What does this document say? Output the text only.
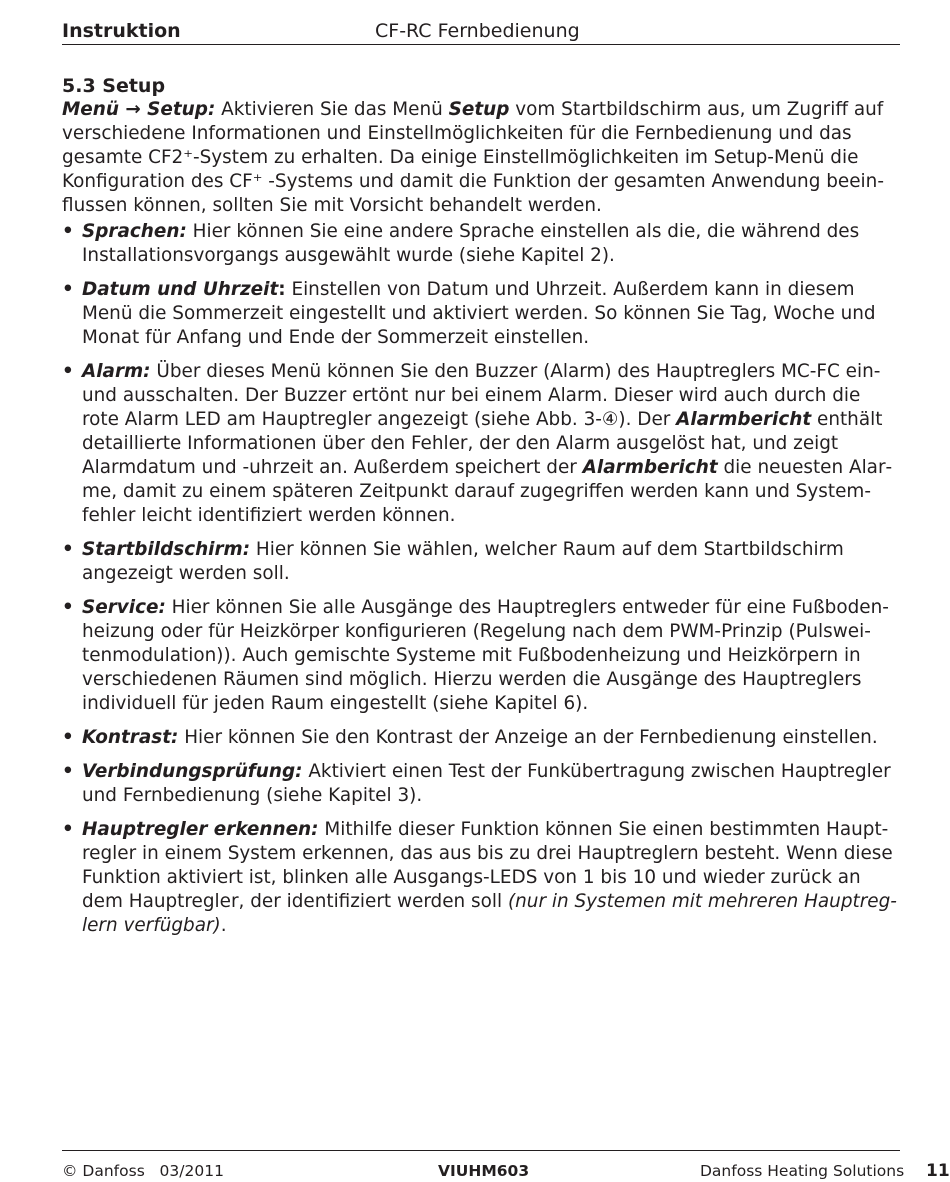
Instruktion	CF-RC Fernbedienung
5.3 Setup

Menü → Setup: Aktivieren Sie das Menü Setup vom Startbildschirm aus, um Zugriff auf verschiedene Informationen und Einstellmöglichkeiten für die Fernbedienung und das gesamte CF2⁺-System zu erhalten. Da einige Einstellmöglichkeiten im Setup-Menü die Konfiguration des CF⁺ -Systems und damit die Funktion der gesamten Anwendung beeinflussen können, sollten Sie mit Vorsicht behandelt werden.

• Sprachen: Hier können Sie eine andere Sprache einstellen als die, die während des Installationsvorgangs ausgewählt wurde (siehe Kapitel 2).
• Datum und Uhrzeit: Einstellen von Datum und Uhrzeit. Außerdem kann in diesem Menü die Sommerzeit eingestellt und aktiviert werden. So können Sie Tag, Woche und Monat für Anfang und Ende der Sommerzeit einstellen.
• Alarm: Über dieses Menü können Sie den Buzzer (Alarm) des Hauptreglers MC-FC ein- und ausschalten. Der Buzzer ertönt nur bei einem Alarm. Dieser wird auch durch die rote Alarm LED am Hauptregler angezeigt (siehe Abb. 3-④). Der Alarmbericht enthält detaillierte Informationen über den Fehler, der den Alarm ausgelöst hat, und zeigt Alarmdatum und -uhrzeit an. Außerdem speichert der Alarmbericht die neuesten Alarme, damit zu einem späteren Zeitpunkt darauf zugegriffen werden kann und Systemfehler leicht identifiziert werden können.
• Startbildschirm: Hier können Sie wählen, welcher Raum auf dem Startbildschirm angezeigt werden soll.
• Service: Hier können Sie alle Ausgänge des Hauptreglers entweder für eine Fußbodenheizung oder für Heizkörper konfigurieren (Regelung nach dem PWM-Prinzip (Pulsweitenmodulation)). Auch gemischte Systeme mit Fußbodenheizung und Heizkörpern in verschiedenen Räumen sind möglich. Hierzu werden die Ausgänge des Hauptreglers individuell für jeden Raum eingestellt (siehe Kapitel 6).
• Kontrast: Hier können Sie den Kontrast der Anzeige an der Fernbedienung einstellen.
• Verbindungsprüfung: Aktiviert einen Test der Funkübertragung zwischen Hauptregler und Fernbedienung (siehe Kapitel 3).
• Hauptregler erkennen: Mithilfe dieser Funktion können Sie einen bestimmten Hauptregler in einem System erkennen, das aus bis zu drei Hauptreglern besteht. Wenn diese Funktion aktiviert ist, blinken alle Ausgangs-LEDS von 1 bis 10 und wieder zurück an dem Hauptregler, der identifiziert werden soll (nur in Systemen mit mehreren Hauptreglern verfügbar).
© Danfoss   03/2011	VIUHM603	Danfoss Heating Solutions 11
